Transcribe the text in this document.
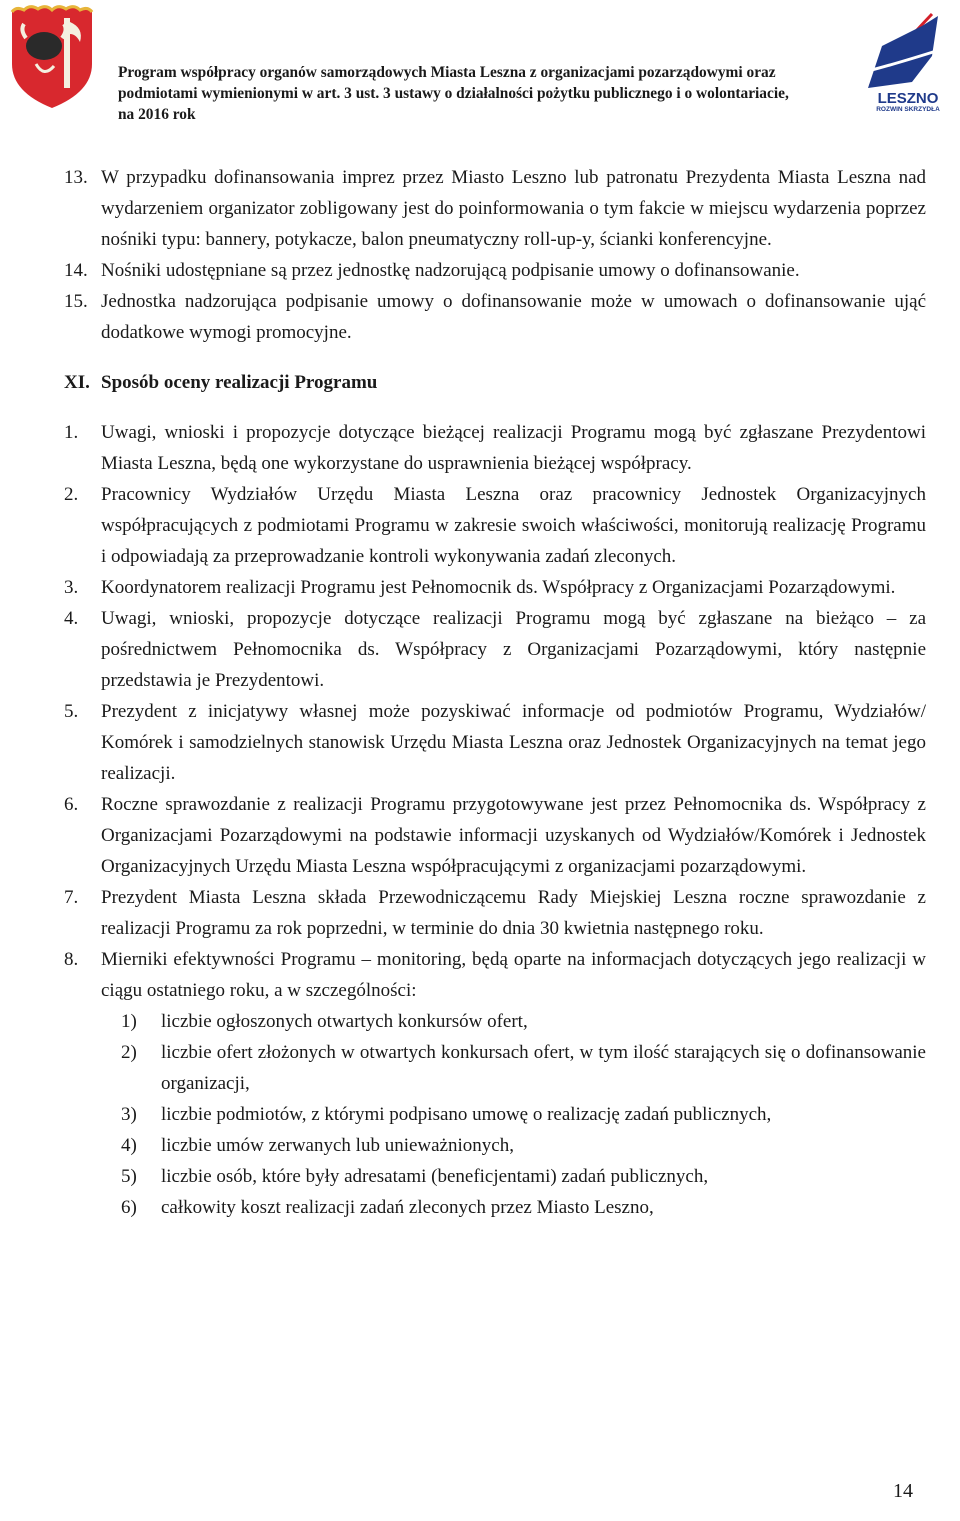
Program współpracy organów samorządowych Miasta Leszna z organizacjami pozarządowymi oraz
podmiotami wymienionymi w art. 3 ust. 3 ustawy o działalności pożytku publicznego i o wolontariacie,
na 2016 rok
LESZNO
ROZWIN SKRZYDŁA
13. W przypadku dofinansowania imprez przez Miasto Leszno lub patronatu Prezydenta Miasta Leszna nad wydarzeniem organizator zobligowany jest do poinformowania o tym fakcie w miejscu wydarzenia poprzez nośniki typu: bannery, potykacze, balon pneumatyczny roll-up-y, ścianki konferencyjne.
14. Nośniki udostępniane są przez jednostkę nadzorującą podpisanie umowy o dofinansowanie.
15. Jednostka nadzorująca podpisanie umowy o dofinansowanie może w umowach o dofinansowanie ująć dodatkowe wymogi promocyjne.
XI. Sposób oceny realizacji Programu
1. Uwagi, wnioski i propozycje dotyczące bieżącej realizacji Programu mogą być zgłaszane Prezydentowi Miasta Leszna, będą one wykorzystane do usprawnienia bieżącej współpracy.
2. Pracownicy Wydziałów Urzędu Miasta Leszna oraz pracownicy Jednostek Organizacyjnych współpracujących z podmiotami Programu w zakresie swoich właściwości, monitorują realizację Programu i odpowiadają za przeprowadzanie kontroli wykonywania zadań zleconych.
3. Koordynatorem realizacji Programu jest Pełnomocnik ds. Współpracy z Organizacjami Pozarządowymi.
4. Uwagi, wnioski, propozycje dotyczące realizacji Programu mogą być zgłaszane na bieżąco – za pośrednictwem Pełnomocnika ds. Współpracy z Organizacjami Pozarządowymi, który następnie przedstawia je Prezydentowi.
5. Prezydent z inicjatywy własnej może pozyskiwać informacje od podmiotów Programu, Wydziałów/ Komórek i samodzielnych stanowisk Urzędu Miasta Leszna oraz Jednostek Organizacyjnych na temat jego realizacji.
6. Roczne sprawozdanie z realizacji Programu przygotowywane jest przez Pełnomocnika ds. Współpracy z Organizacjami Pozarządowymi na podstawie informacji uzyskanych od Wydziałów/Komórek i Jednostek Organizacyjnych Urzędu Miasta Leszna współpracującymi z organizacjami pozarządowymi.
7. Prezydent Miasta Leszna składa Przewodniczącemu Rady Miejskiej Leszna roczne sprawozdanie z realizacji Programu za rok poprzedni, w terminie do dnia 30 kwietnia następnego roku.
8. Mierniki efektywności Programu – monitoring, będą oparte na informacjach dotyczących jego realizacji w ciągu ostatniego roku, a w szczególności:
1) liczbie ogłoszonych otwartych konkursów ofert,
2) liczbie ofert złożonych w otwartych konkursach ofert, w tym ilość starających się o dofinansowanie organizacji,
3) liczbie podmiotów, z którymi podpisano umowę o realizację zadań publicznych,
4) liczbie umów zerwanych lub unieważnionych,
5) liczbie osób, które były adresatami (beneficjentami) zadań publicznych,
6) całkowity koszt realizacji zadań zleconych przez Miasto Leszno,
14
